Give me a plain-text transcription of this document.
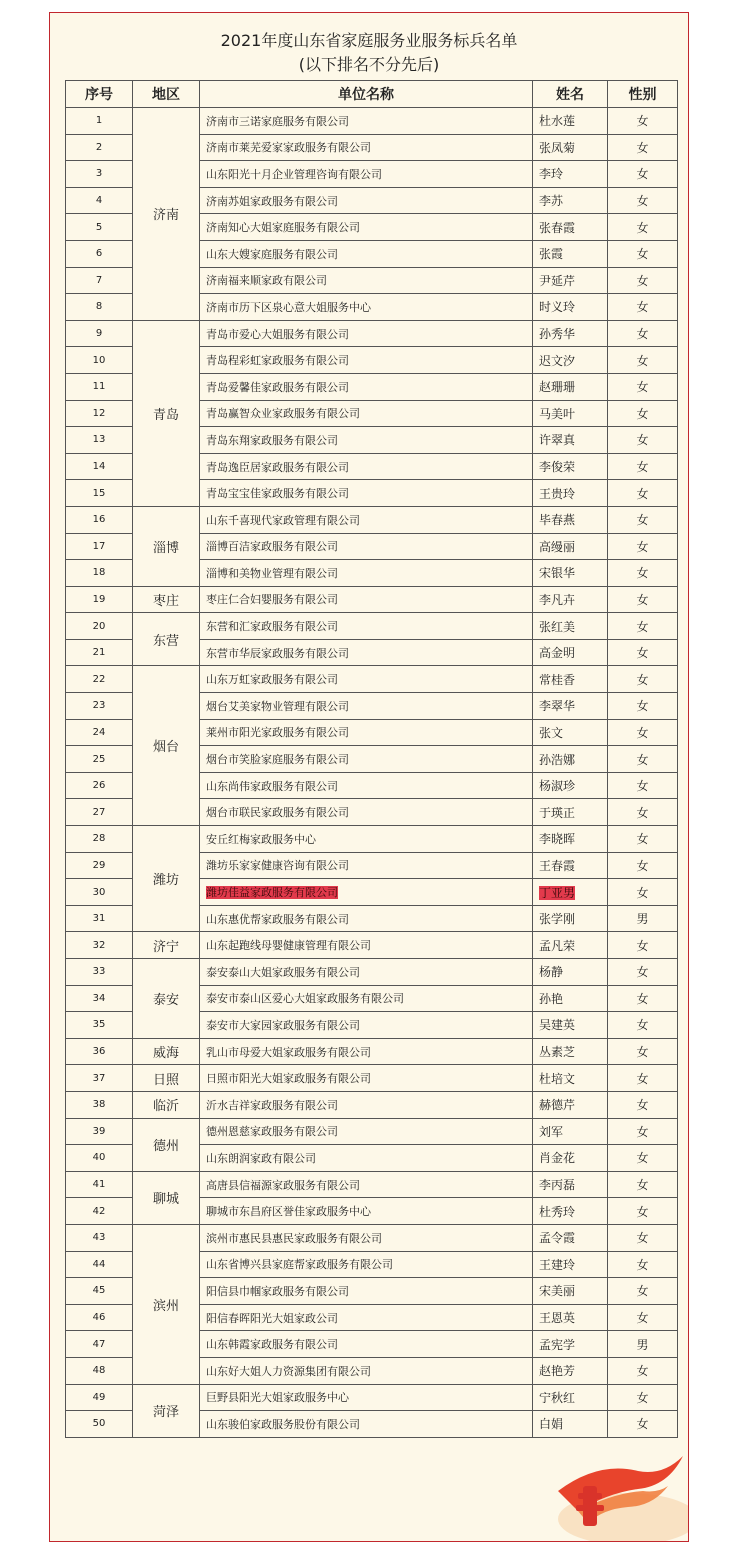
2021年度山东省家庭服务业服务标兵名单
(以下排名不分先后)
序号	地区	单位名称	姓名	性别
1	济南	济南市三诺家庭服务有限公司	杜水莲	女
2		济南市莱芜爱家家政服务有限公司	张凤菊	女
3		山东阳光十月企业管理咨询有限公司	李玲	女
4		济南苏姐家政服务有限公司	李苏	女
5		济南知心大姐家庭服务有限公司	张春霞	女
6		山东大嫂家庭服务有限公司	张霞	女
7		济南福来顺家政有限公司	尹延芹	女
8		济南市历下区泉心意大姐服务中心	时义玲	女
9	青岛	青岛市爱心大姐服务有限公司	孙秀华	女
10		青岛程彩虹家政服务有限公司	迟文汐	女
11		青岛爱馨佳家政服务有限公司	赵珊珊	女
12		青岛赢智众业家政服务有限公司	马美叶	女
13		青岛东翔家政服务有限公司	许翠真	女
14		青岛逸臣居家政服务有限公司	李俊荣	女
15		青岛宝宝佳家政服务有限公司	王贵玲	女
16	淄博	山东千喜现代家政管理有限公司	毕春燕	女
17		淄博百洁家政服务有限公司	高缦丽	女
18		淄博和美物业管理有限公司	宋银华	女
19	枣庄	枣庄仁合妇婴服务有限公司	李凡卉	女
20	东营	东营和汇家政服务有限公司	张红美	女
21		东营市华辰家政服务有限公司	高金明	女
22	烟台	山东万虹家政服务有限公司	常桂香	女
23		烟台艾美家物业管理有限公司	李翠华	女
24		莱州市阳光家政服务有限公司	张文	女
25		烟台市笑脸家庭服务有限公司	孙浩娜	女
26		山东尚伟家政服务有限公司	杨淑珍	女
27		烟台市联民家政服务有限公司	于瑛正	女
28	潍坊	安丘红梅家政服务中心	李晓晖	女
29		潍坊乐家家健康咨询有限公司	王春霞	女
30		潍坊佳益家政服务有限公司	丁亚男	女
31		山东惠优帮家政服务有限公司	张学刚	男
32	济宁	山东起跑线母婴健康管理有限公司	孟凡荣	女
33	泰安	泰安泰山大姐家政服务有限公司	杨静	女
34		泰安市泰山区爱心大姐家政服务有限公司	孙艳	女
35		泰安市大家园家政服务有限公司	吴建英	女
36	威海	乳山市母爱大姐家政服务有限公司	丛素芝	女
37	日照	日照市阳光大姐家政服务有限公司	杜培文	女
38	临沂	沂水吉祥家政服务有限公司	赫德芹	女
39	德州	德州恩慈家政服务有限公司	刘军	女
40		山东朗润家政有限公司	肖金花	女
41	聊城	高唐县信福源家政服务有限公司	李丙磊	女
42		聊城市东昌府区誉佳家政服务中心	杜秀玲	女
43	滨州	滨州市惠民县惠民家政服务有限公司	孟令霞	女
44		山东省博兴县家庭帮家政服务有限公司	王建玲	女
45		阳信县巾帼家政服务有限公司	宋美丽	女
46		阳信春晖阳光大姐家政公司	王恩英	女
47		山东韩霞家政服务有限公司	孟宪学	男
48		山东好大姐人力资源集团有限公司	赵艳芳	女
49	菏泽	巨野县阳光大姐家政服务中心	宁秋红	女
50		山东骏伯家政服务股份有限公司	白娟	女
